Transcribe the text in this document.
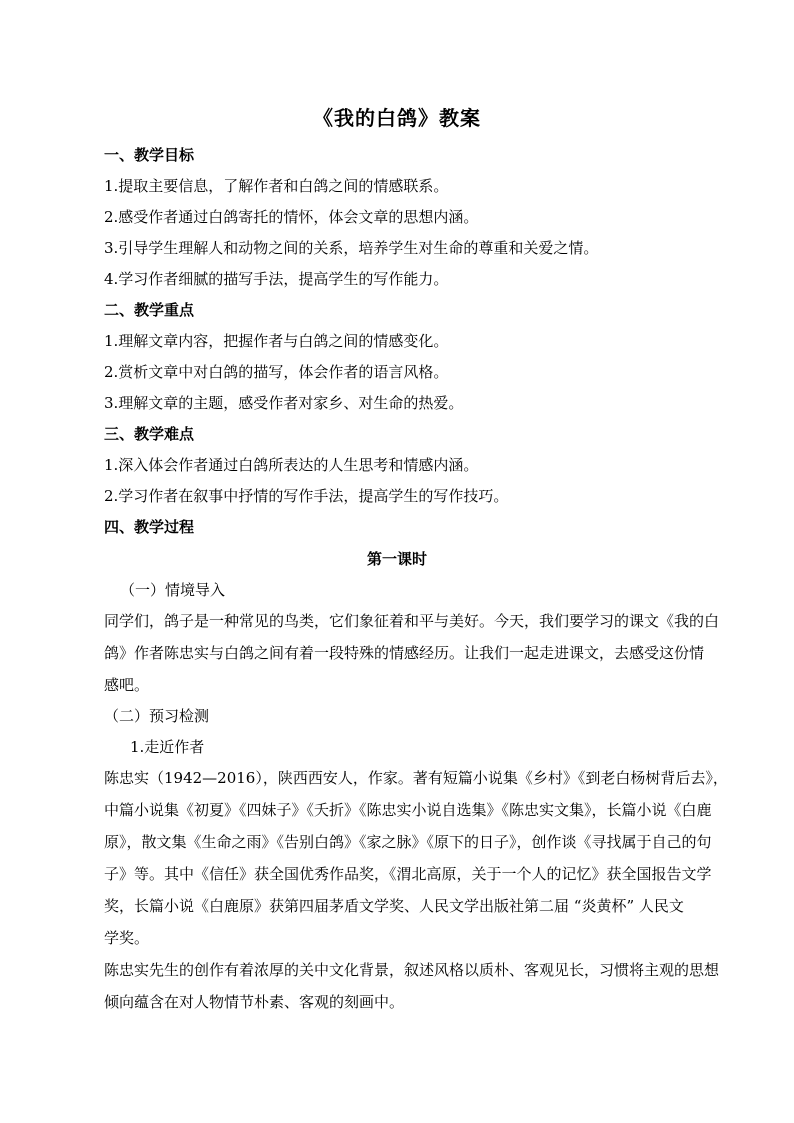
《我的白鸽》教案
一、教学目标
1.提取主要信息，了解作者和白鸽之间的情感联系。
2.感受作者通过白鸽寄托的情怀，体会文章的思想内涵。
3.引导学生理解人和动物之间的关系，培养学生对生命的尊重和关爱之情。
4.学习作者细腻的描写手法，提高学生的写作能力。
二、教学重点
1.理解文章内容，把握作者与白鸽之间的情感变化。
2.赏析文章中对白鸽的描写，体会作者的语言风格。
3.理解文章的主题，感受作者对家乡、对生命的热爱。
三、教学难点
1.深入体会作者通过白鸽所表达的人生思考和情感内涵。
2.学习作者在叙事中抒情的写作手法，提高学生的写作技巧。
四、教学过程
第一课时
（一）情境导入
同学们，鸽子是一种常见的鸟类，它们象征着和平与美好。今天，我们要学习的课文《我的白
鸽》作者陈忠实与白鸽之间有着一段特殊的情感经历。让我们一起走进课文，去感受这份情
感吧。
（二）预习检测
1.走近作者
陈忠实（1942—2016），陕西西安人，作家。著有短篇小说集《乡村》《到老白杨树背后去》，
中篇小说集《初夏》《四妹子》《夭折》《陈忠实小说自选集》《陈忠实文集》，长篇小说《白鹿
原》，散文集《生命之雨》《告别白鸽》《家之脉》《原下的日子》，创作谈《寻找属于自己的句
子》等。其中《信任》获全国优秀作品奖，《渭北高原，关于一个人的记忆》获全国报告文学
奖，长篇小说《白鹿原》获第四届茅盾文学奖、人民文学出版社第二届 “炎黄杯” 人民文
学奖。
陈忠实先生的创作有着浓厚的关中文化背景，叙述风格以质朴、客观见长，习惯将主观的思想
倾向蕴含在对人物情节朴素、客观的刻画中。
